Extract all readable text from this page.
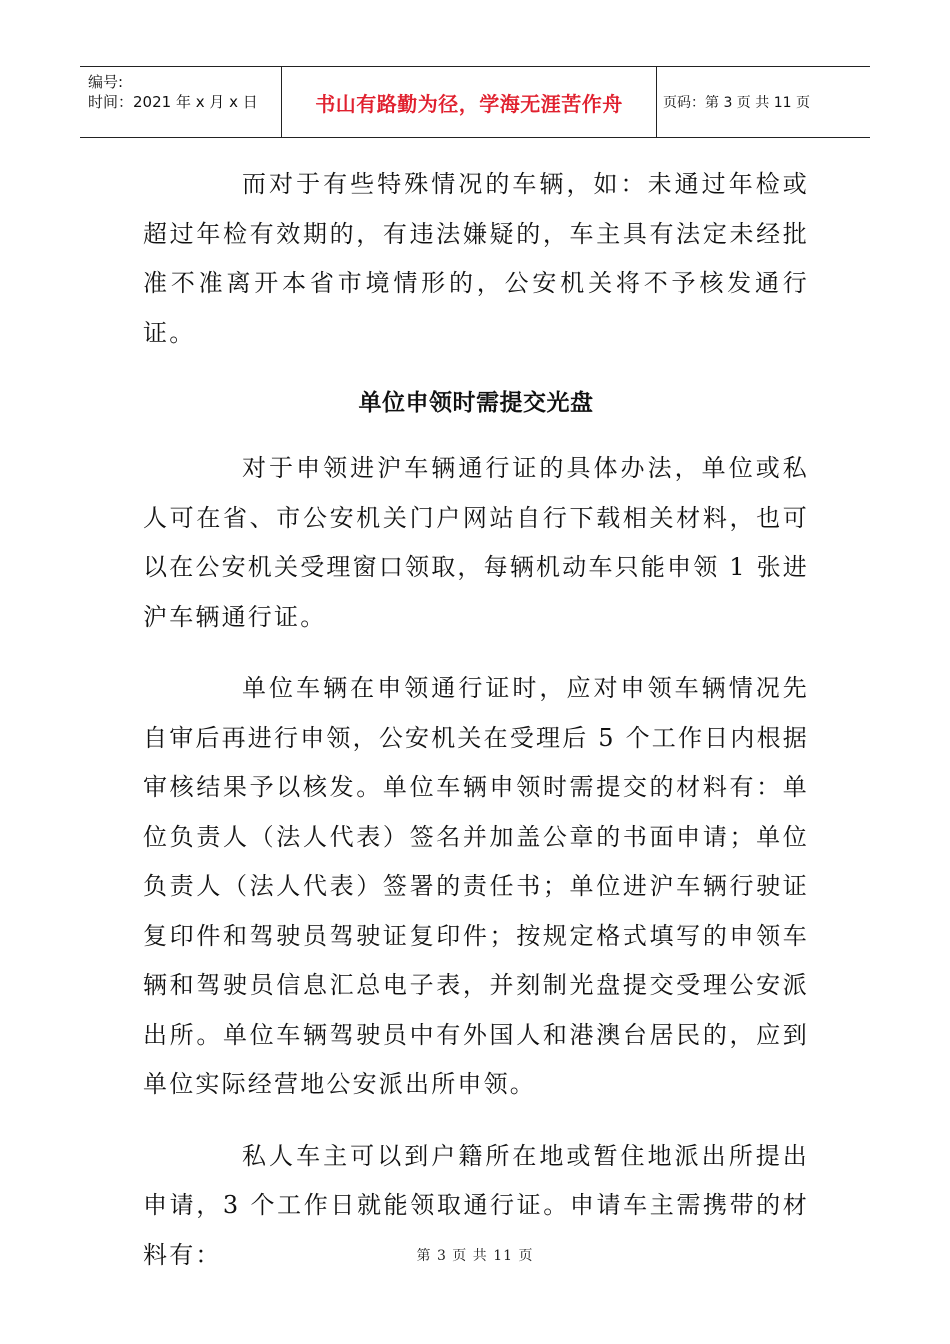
编号:
时间：2021 年 x 月 x 日	书山有路勤为径，学海无涯苦作舟	页码：第 3 页 共 11 页

而对于有些特殊情况的车辆，如：未通过年检或超过年检有效期的，有违法嫌疑的，车主具有法定未经批准不准离开本省市境情形的，公安机关将不予核发通行证。

单位申领时需提交光盘

对于申领进沪车辆通行证的具体办法，单位或私人可在省、市公安机关门户网站自行下载相关材料，也可以在公安机关受理窗口领取，每辆机动车只能申领 1 张进沪车辆通行证。

单位车辆在申领通行证时，应对申领车辆情况先自审后再进行申领，公安机关在受理后 5 个工作日内根据审核结果予以核发。单位车辆申领时需提交的材料有：单位负责人（法人代表）签名并加盖公章的书面申请；单位负责人（法人代表）签署的责任书；单位进沪车辆行驶证复印件和驾驶员驾驶证复印件；按规定格式填写的申领车辆和驾驶员信息汇总电子表，并刻制光盘提交受理公安派出所。单位车辆驾驶员中有外国人和港澳台居民的，应到单位实际经营地公安派出所申领。

私人车主可以到户籍所在地或暂住地派出所提出申请，3 个工作日就能领取通行证。申请车主需携带的材料有：	第 3 页 共 11 页
